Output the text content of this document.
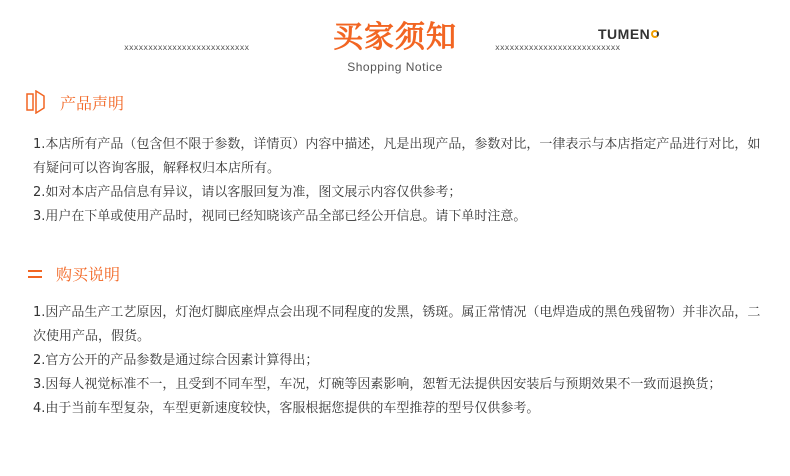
xxxxxxxxxxxxxxxxxxxxxxxxxx	买家须知
Shopping Notice
TUMEN
xxxxxxxxxxxxxxxxxxxxxxxxxx
产品声明

1.本店所有产品（包含但不限于参数，详情页）内容中描述，凡是出现产品，参数对比，一律表示与本店指定产品进行对比，如有疑问可以咨询客服，解释权归本店所有。

2.如对本店产品信息有异议，请以客服回复为准，图文展示内容仅供参考；

3.用户在下单或使用产品时，视同已经知晓该产品全部已经公开信息。请下单时注意。

购买说明

1.因产品生产工艺原因，灯泡灯脚底座焊点会出现不同程度的发黑，锈斑。属正常情况（电焊造成的黑色残留物）并非次品，二次使用产品，假货。

2.官方公开的产品参数是通过综合因素计算得出；

3.因每人视觉标准不一，且受到不同车型，车况，灯碗等因素影响，恕暂无法提供因安装后与预期效果不一致而退换货；

4.由于当前车型复杂，车型更新速度较快，客服根据您提供的车型推荐的型号仅供参考。
